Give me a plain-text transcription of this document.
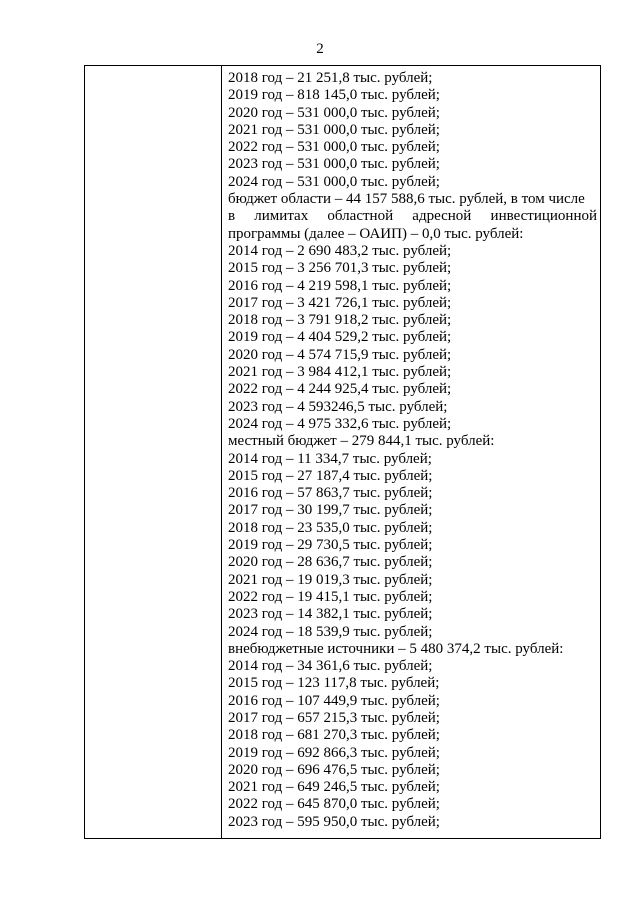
2
2018 год – 21 251,8 тыс. рублей;
2019 год – 818 145,0 тыс. рублей;
2020 год – 531 000,0 тыс. рублей;
2021 год – 531 000,0 тыс. рублей;
2022 год – 531 000,0 тыс. рублей;
2023 год – 531 000,0 тыс. рублей;
2024 год – 531 000,0 тыс. рублей;
бюджет области – 44 157 588,6 тыс. рублей, в том числе
в лимитах областной адресной инвестиционной
программы (далее – ОАИП) – 0,0 тыс. рублей:
2014 год – 2 690 483,2 тыс. рублей;
2015 год – 3 256 701,3 тыс. рублей;
2016 год – 4 219 598,1 тыс. рублей;
2017 год – 3 421 726,1 тыс. рублей;
2018 год – 3 791 918,2 тыс. рублей;
2019 год – 4 404 529,2 тыс. рублей;
2020 год – 4 574 715,9 тыс. рублей;
2021 год – 3 984 412,1 тыс. рублей;
2022 год – 4 244 925,4 тыс. рублей;
2023 год – 4 593246,5 тыс. рублей;
2024 год – 4 975 332,6 тыс. рублей;
местный бюджет – 279 844,1 тыс. рублей:
2014 год – 11 334,7 тыс. рублей;
2015 год – 27 187,4 тыс. рублей;
2016 год – 57 863,7 тыс. рублей;
2017 год – 30 199,7 тыс. рублей;
2018 год – 23 535,0 тыс. рублей;
2019 год – 29 730,5 тыс. рублей;
2020 год – 28 636,7 тыс. рублей;
2021 год – 19 019,3 тыс. рублей;
2022 год – 19 415,1 тыс. рублей;
2023 год – 14 382,1 тыс. рублей;
2024 год – 18 539,9 тыс. рублей;
внебюджетные источники – 5 480 374,2 тыс. рублей:
2014 год – 34 361,6 тыс. рублей;
2015 год – 123 117,8 тыс. рублей;
2016 год – 107 449,9 тыс. рублей;
2017 год – 657 215,3 тыс. рублей;
2018 год – 681 270,3 тыс. рублей;
2019 год – 692 866,3 тыс. рублей;
2020 год – 696 476,5 тыс. рублей;
2021 год – 649 246,5 тыс. рублей;
2022 год – 645 870,0 тыс. рублей;
2023 год – 595 950,0 тыс. рублей;
